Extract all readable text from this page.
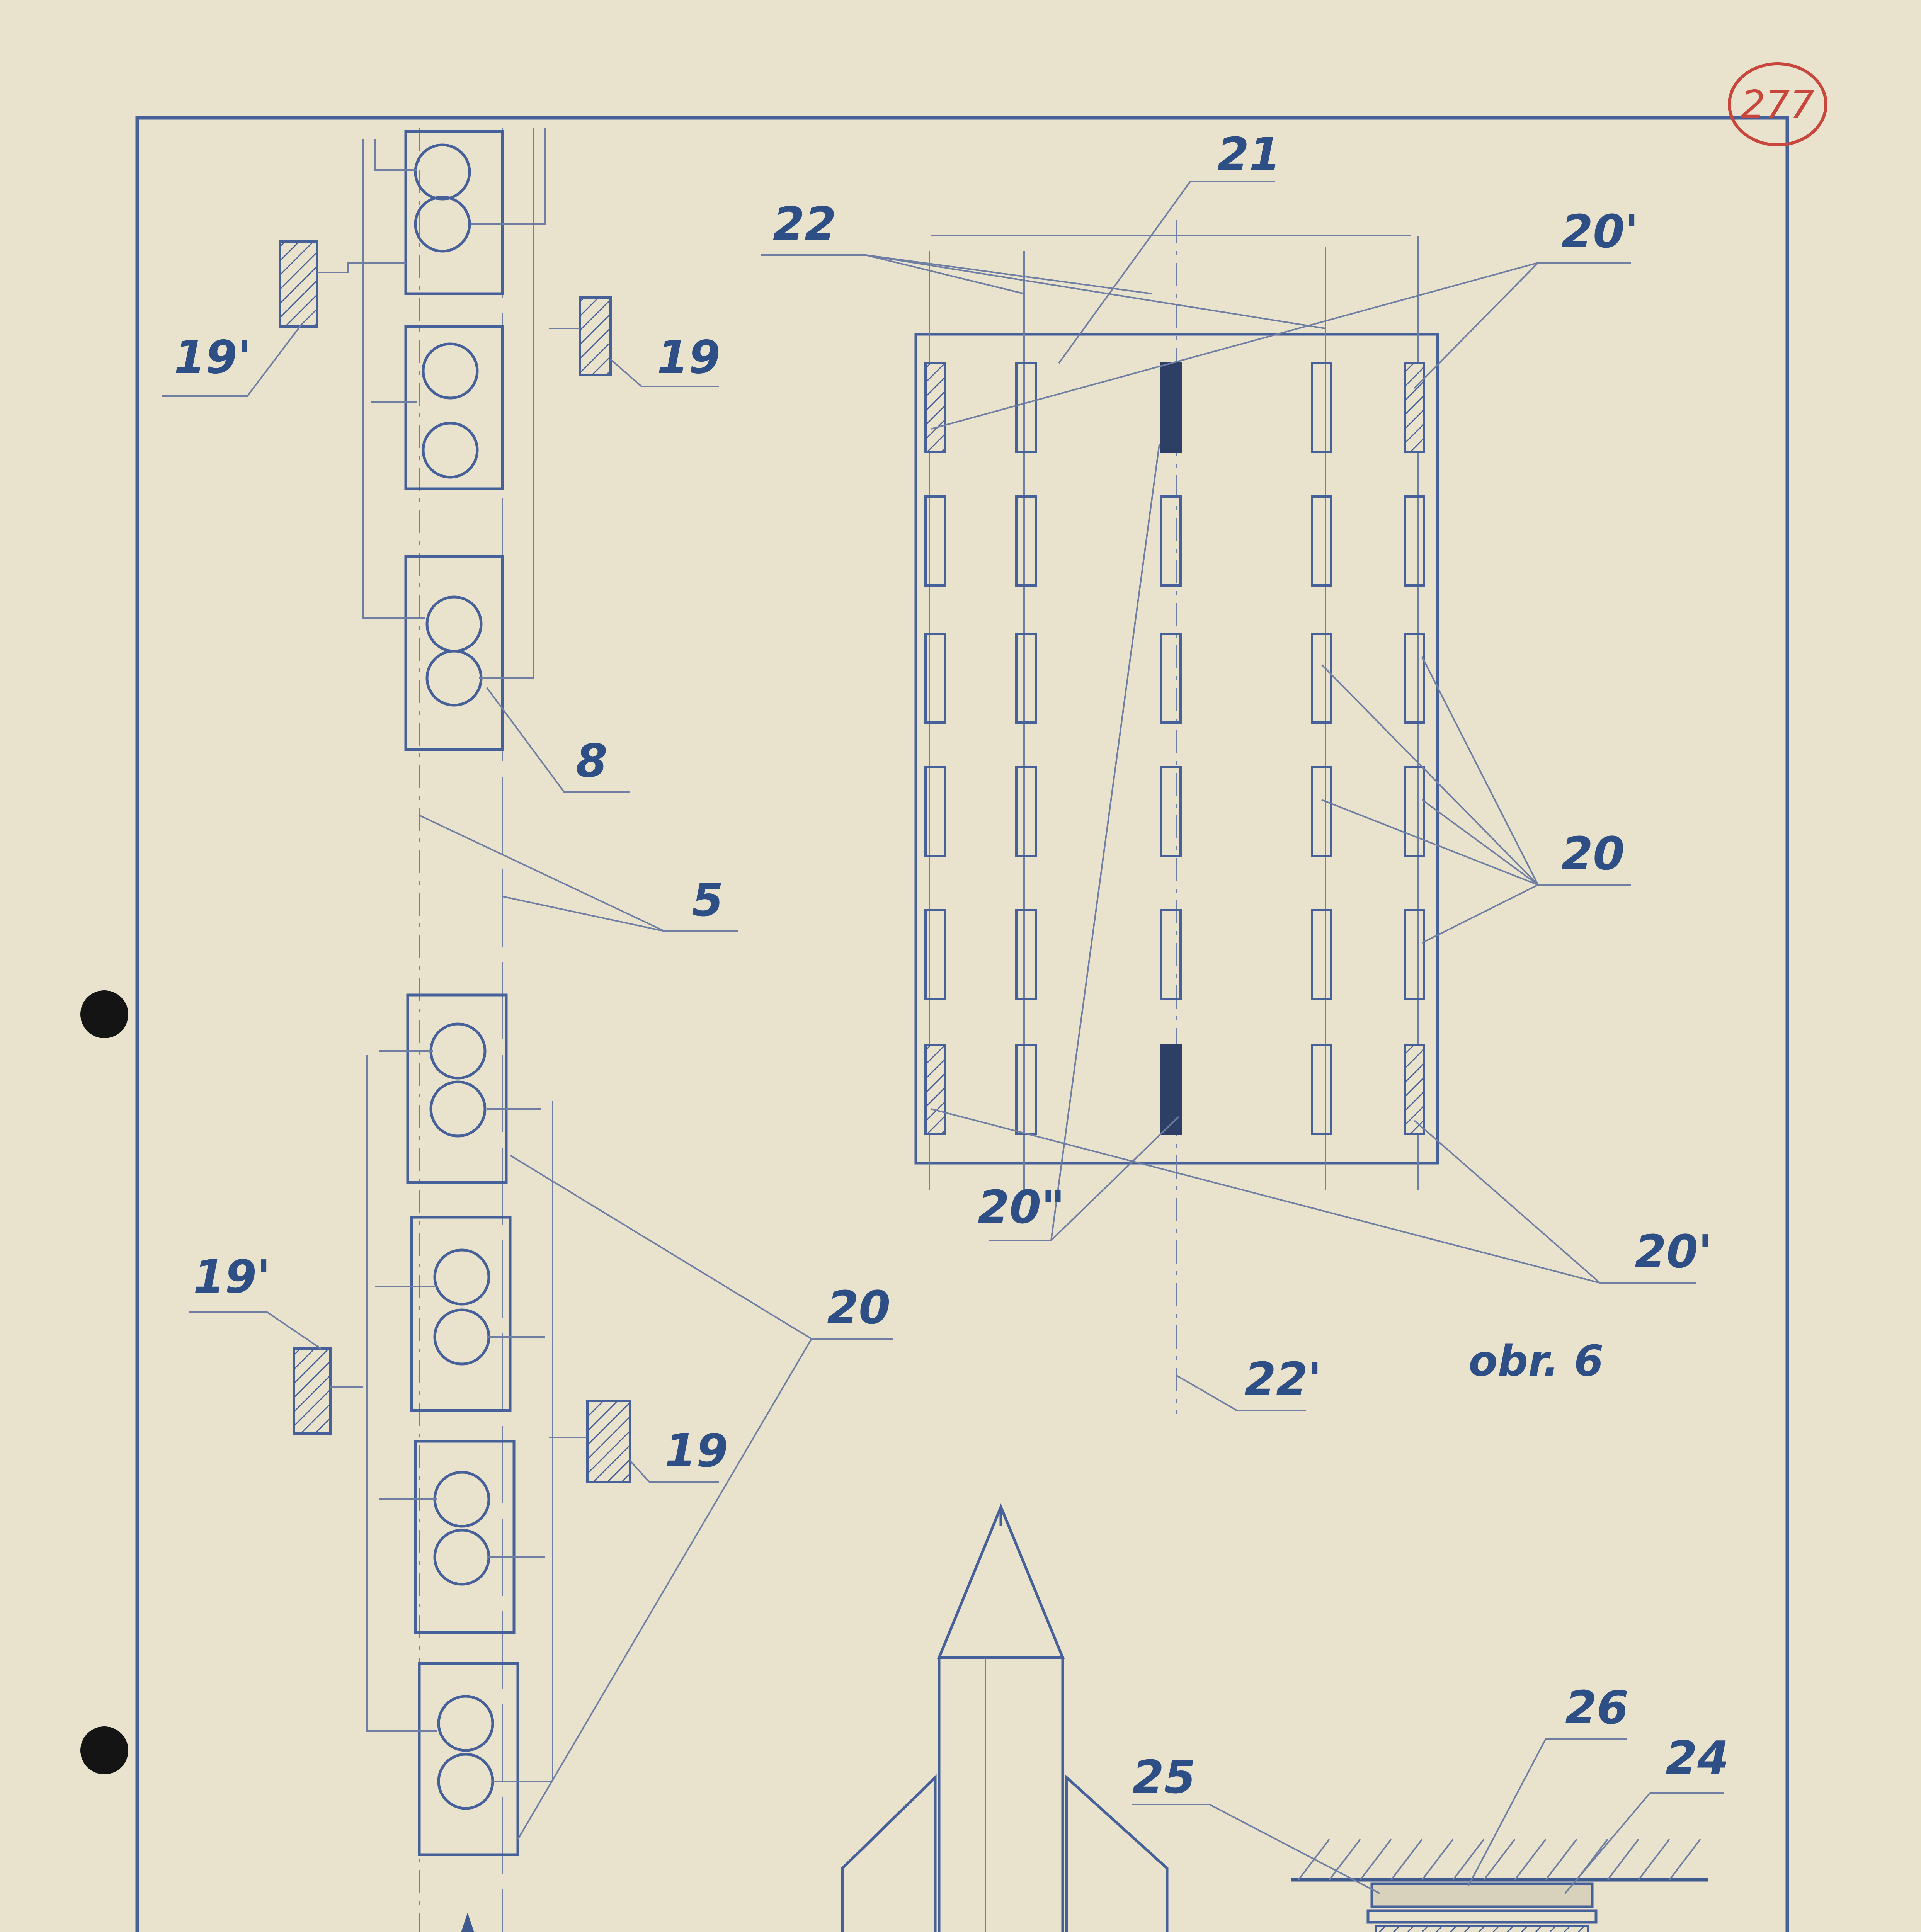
277
19'	19
8
5
19'
20
19
22
21
20'
20
20"
20'
22'	obr. 6
26
24
25
